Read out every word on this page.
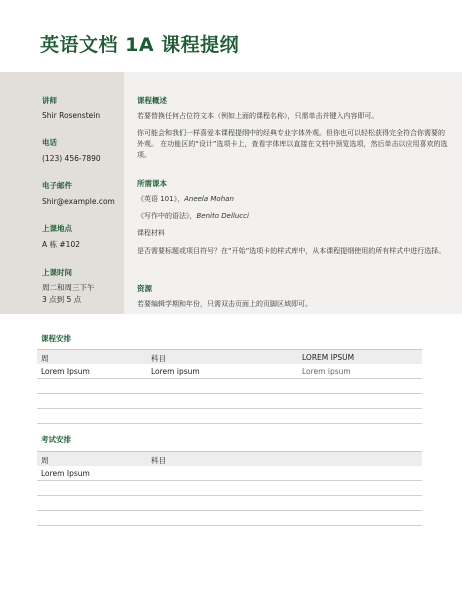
英语文档 1A 课程提纲
讲师
Shir Rosenstein
电话
(123) 456-7890
电子邮件
Shir@example.com
上课地点
A 栋 #102
上课时间
周二和周三下午
3 点到 5 点
课程概述
若要替换任何占位符文本（例如上面的课程名称），只需单击并键入内容即可。
你可能会和我们一样喜爱本课程提纲中的经典专业字体外观。但你也可以轻松获得完全符合你需要的外观。 在功能区的“设计”选项卡上，查看字体库以直接在文档中预览选项，然后单击以应用喜欢的选项。
所需课本
《英语 101》，Aneela Mohan
《写作中的语法》，Benito Dellucci
课程材料
是否需要标题或项目符号？在“开始”选项卡的样式库中，从本课程提纲使用的所有样式中进行选择。
资源
若要编辑学期和年份，只需双击页面上的页脚区域即可。
课程安排
周	科目	LOREM IPSUM
Lorem Ipsum	Lorem ipsum	Lorem ipsum
考试安排
周	科目
Lorem Ipsum
